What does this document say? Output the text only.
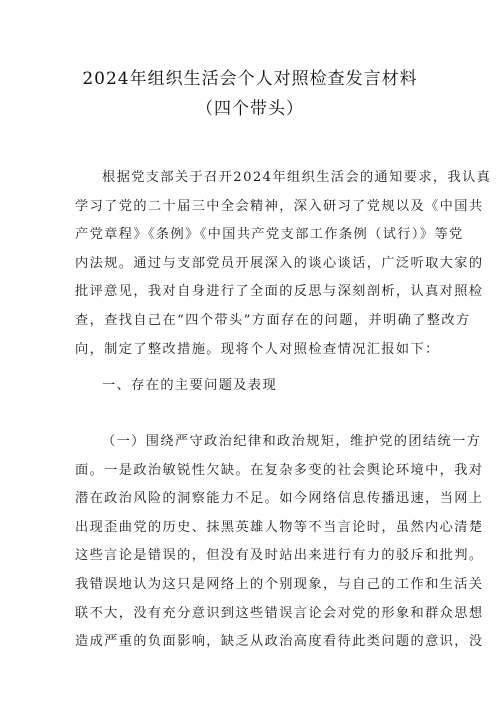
2024年组织生活会个人对照检查发言材料
（四个带头）
根据党支部关于召开2024年组织生活会的通知要求，我认真
学习了党的二十届三中全会精神，深入研习了党规以及《中国共
产党章程》《条例》《中国共产党支部工作条例（试行）》等党
内法规。通过与支部党员开展深入的谈心谈话，广泛听取大家的
批评意见，我对自身进行了全面的反思与深刻剖析，认真对照检
查，查找自己在“四个带头”方面存在的问题，并明确了整改方
向，制定了整改措施。现将个人对照检查情况汇报如下：
一、存在的主要问题及表现
（一）围绕严守政治纪律和政治规矩，维护党的团结统一方
面。一是政治敏锐性欠缺。在复杂多变的社会舆论环境中，我对
潜在政治风险的洞察能力不足。如今网络信息传播迅速，当网上
出现歪曲党的历史、抹黑英雄人物等不当言论时，虽然内心清楚
这些言论是错误的，但没有及时站出来进行有力的驳斥和批判。
我错误地认为这只是网络上的个别现象，与自己的工作和生活关
联不大，没有充分意识到这些错误言论会对党的形象和群众思想
造成严重的负面影响，缺乏从政治高度看待此类问题的意识，没
